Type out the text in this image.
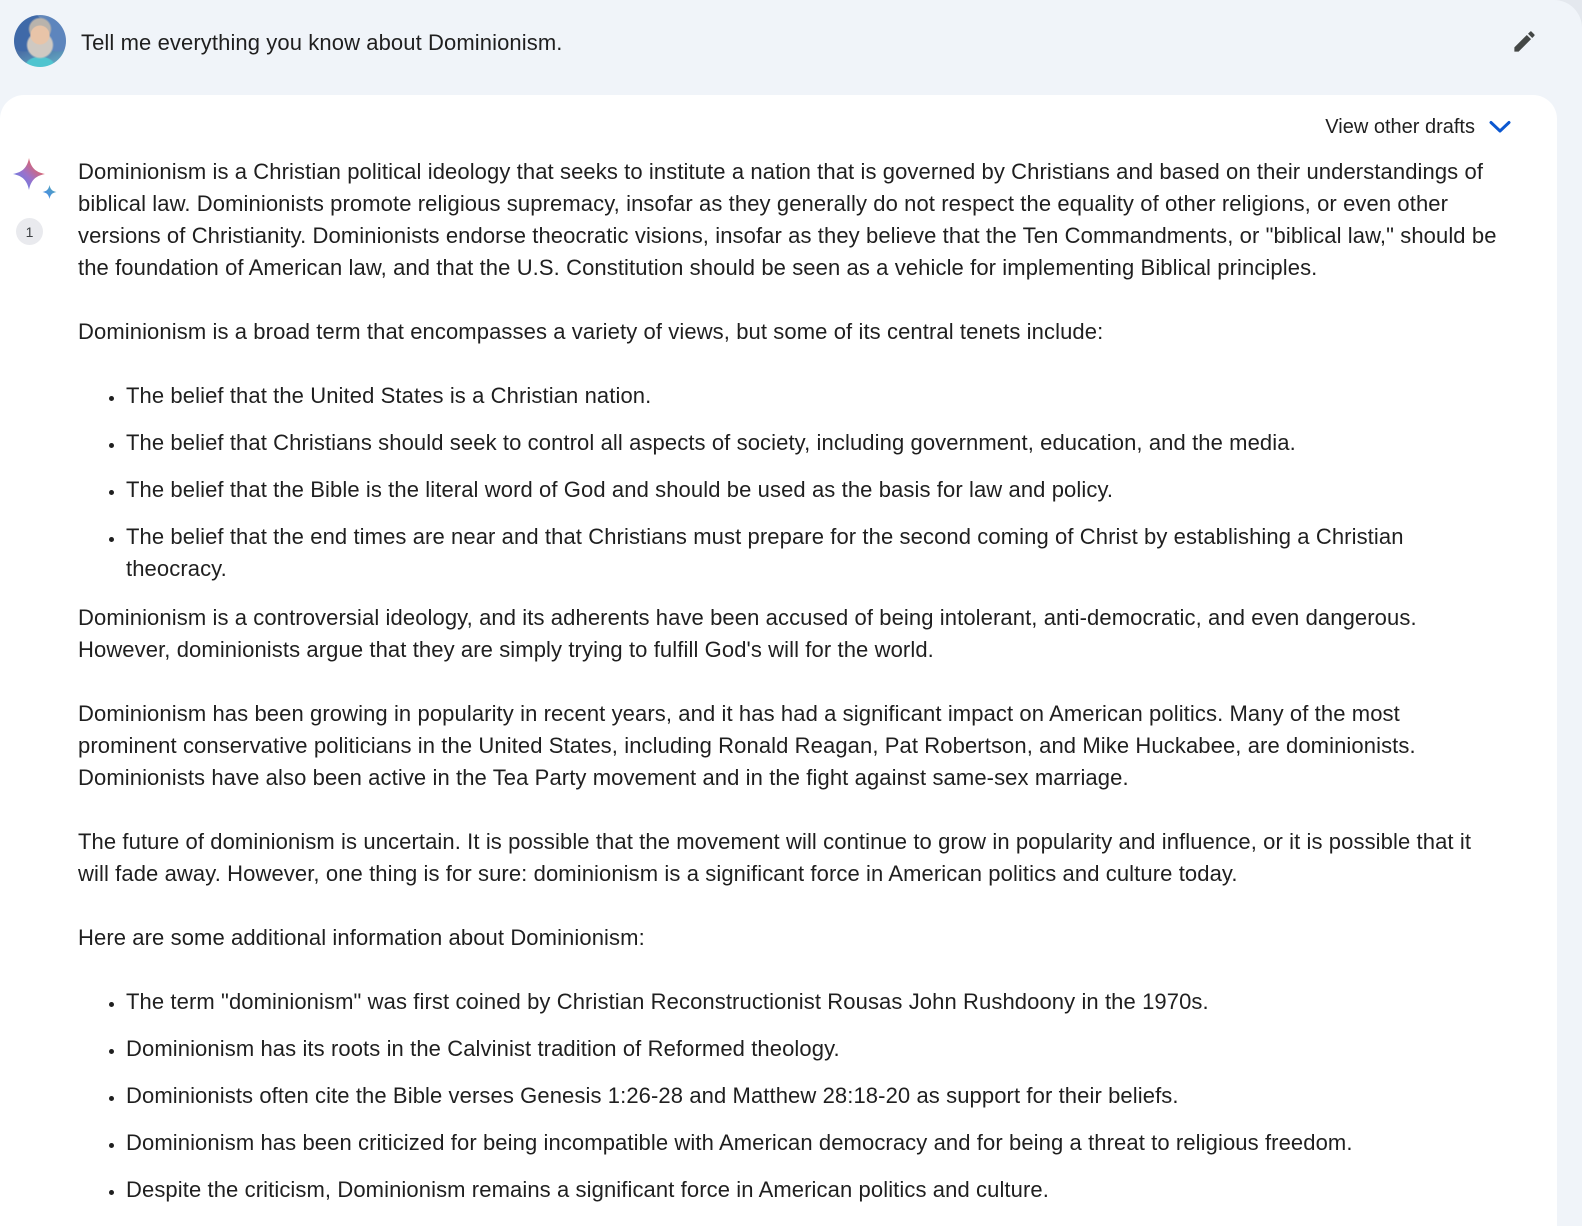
Tell me everything you know about Dominionism.
View other drafts
1

Dominionism is a Christian political ideology that seeks to institute a nation that is governed by Christians and based on their understandings of biblical law. Dominionists promote religious supremacy, insofar as they generally do not respect the equality of other religions, or even other versions of Christianity. Dominionists endorse theocratic visions, insofar as they believe that the Ten Commandments, or "biblical law," should be the foundation of American law, and that the U.S. Constitution should be seen as a vehicle for implementing Biblical principles.

Dominionism is a broad term that encompasses a variety of views, but some of its central tenets include:

• The belief that the United States is a Christian nation.
• The belief that Christians should seek to control all aspects of society, including government, education, and the media.
• The belief that the Bible is the literal word of God and should be used as the basis for law and policy.
• The belief that the end times are near and that Christians must prepare for the second coming of Christ by establishing a Christian theocracy.

Dominionism is a controversial ideology, and its adherents have been accused of being intolerant, anti-democratic, and even dangerous. However, dominionists argue that they are simply trying to fulfill God's will for the world.

Dominionism has been growing in popularity in recent years, and it has had a significant impact on American politics. Many of the most prominent conservative politicians in the United States, including Ronald Reagan, Pat Robertson, and Mike Huckabee, are dominionists. Dominionists have also been active in the Tea Party movement and in the fight against same-sex marriage.

The future of dominionism is uncertain. It is possible that the movement will continue to grow in popularity and influence, or it is possible that it will fade away. However, one thing is for sure: dominionism is a significant force in American politics and culture today.

Here are some additional information about Dominionism:

• The term "dominionism" was first coined by Christian Reconstructionist Rousas John Rushdoony in the 1970s.
• Dominionism has its roots in the Calvinist tradition of Reformed theology.
• Dominionists often cite the Bible verses Genesis 1:26-28 and Matthew 28:18-20 as support for their beliefs.
• Dominionism has been criticized for being incompatible with American democracy and for being a threat to religious freedom.
• Despite the criticism, Dominionism remains a significant force in American politics and culture.
